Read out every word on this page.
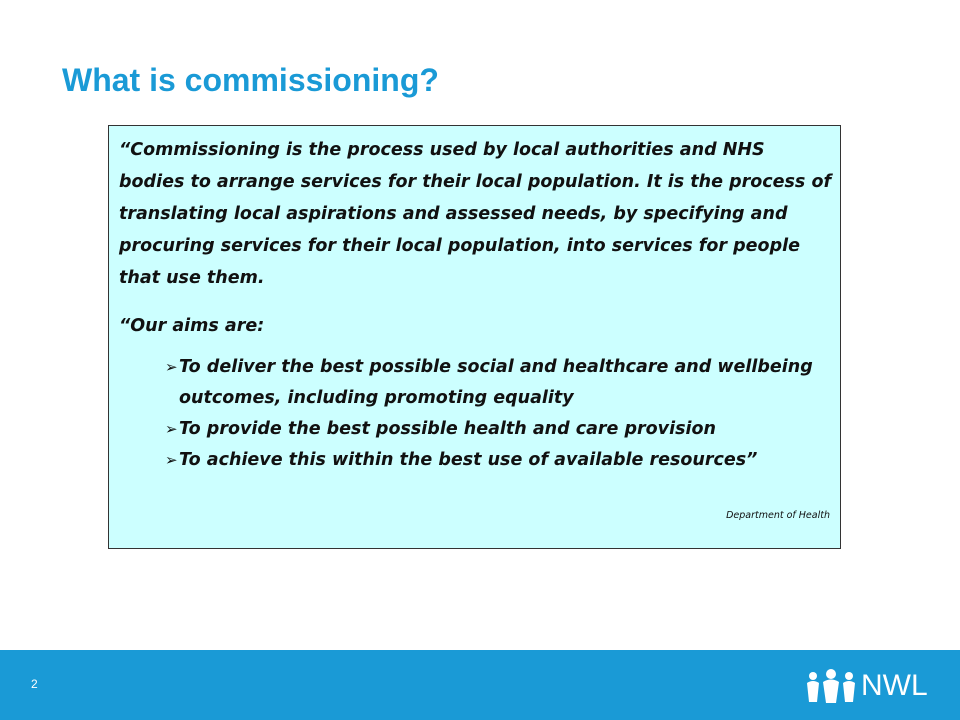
What is commissioning?

“Commissioning is the process used by local authorities and NHS bodies to arrange services for their local population. It is the process of translating local aspirations and assessed needs, by specifying and procuring services for their local population, into services for people that use them.

“Our aims are:

➢ To deliver the best possible social and healthcare and wellbeing outcomes, including promoting equality
➢ To provide the best possible health and care provision
➢ To achieve this within the best use of available resources”
Department of Health
2	NWL
